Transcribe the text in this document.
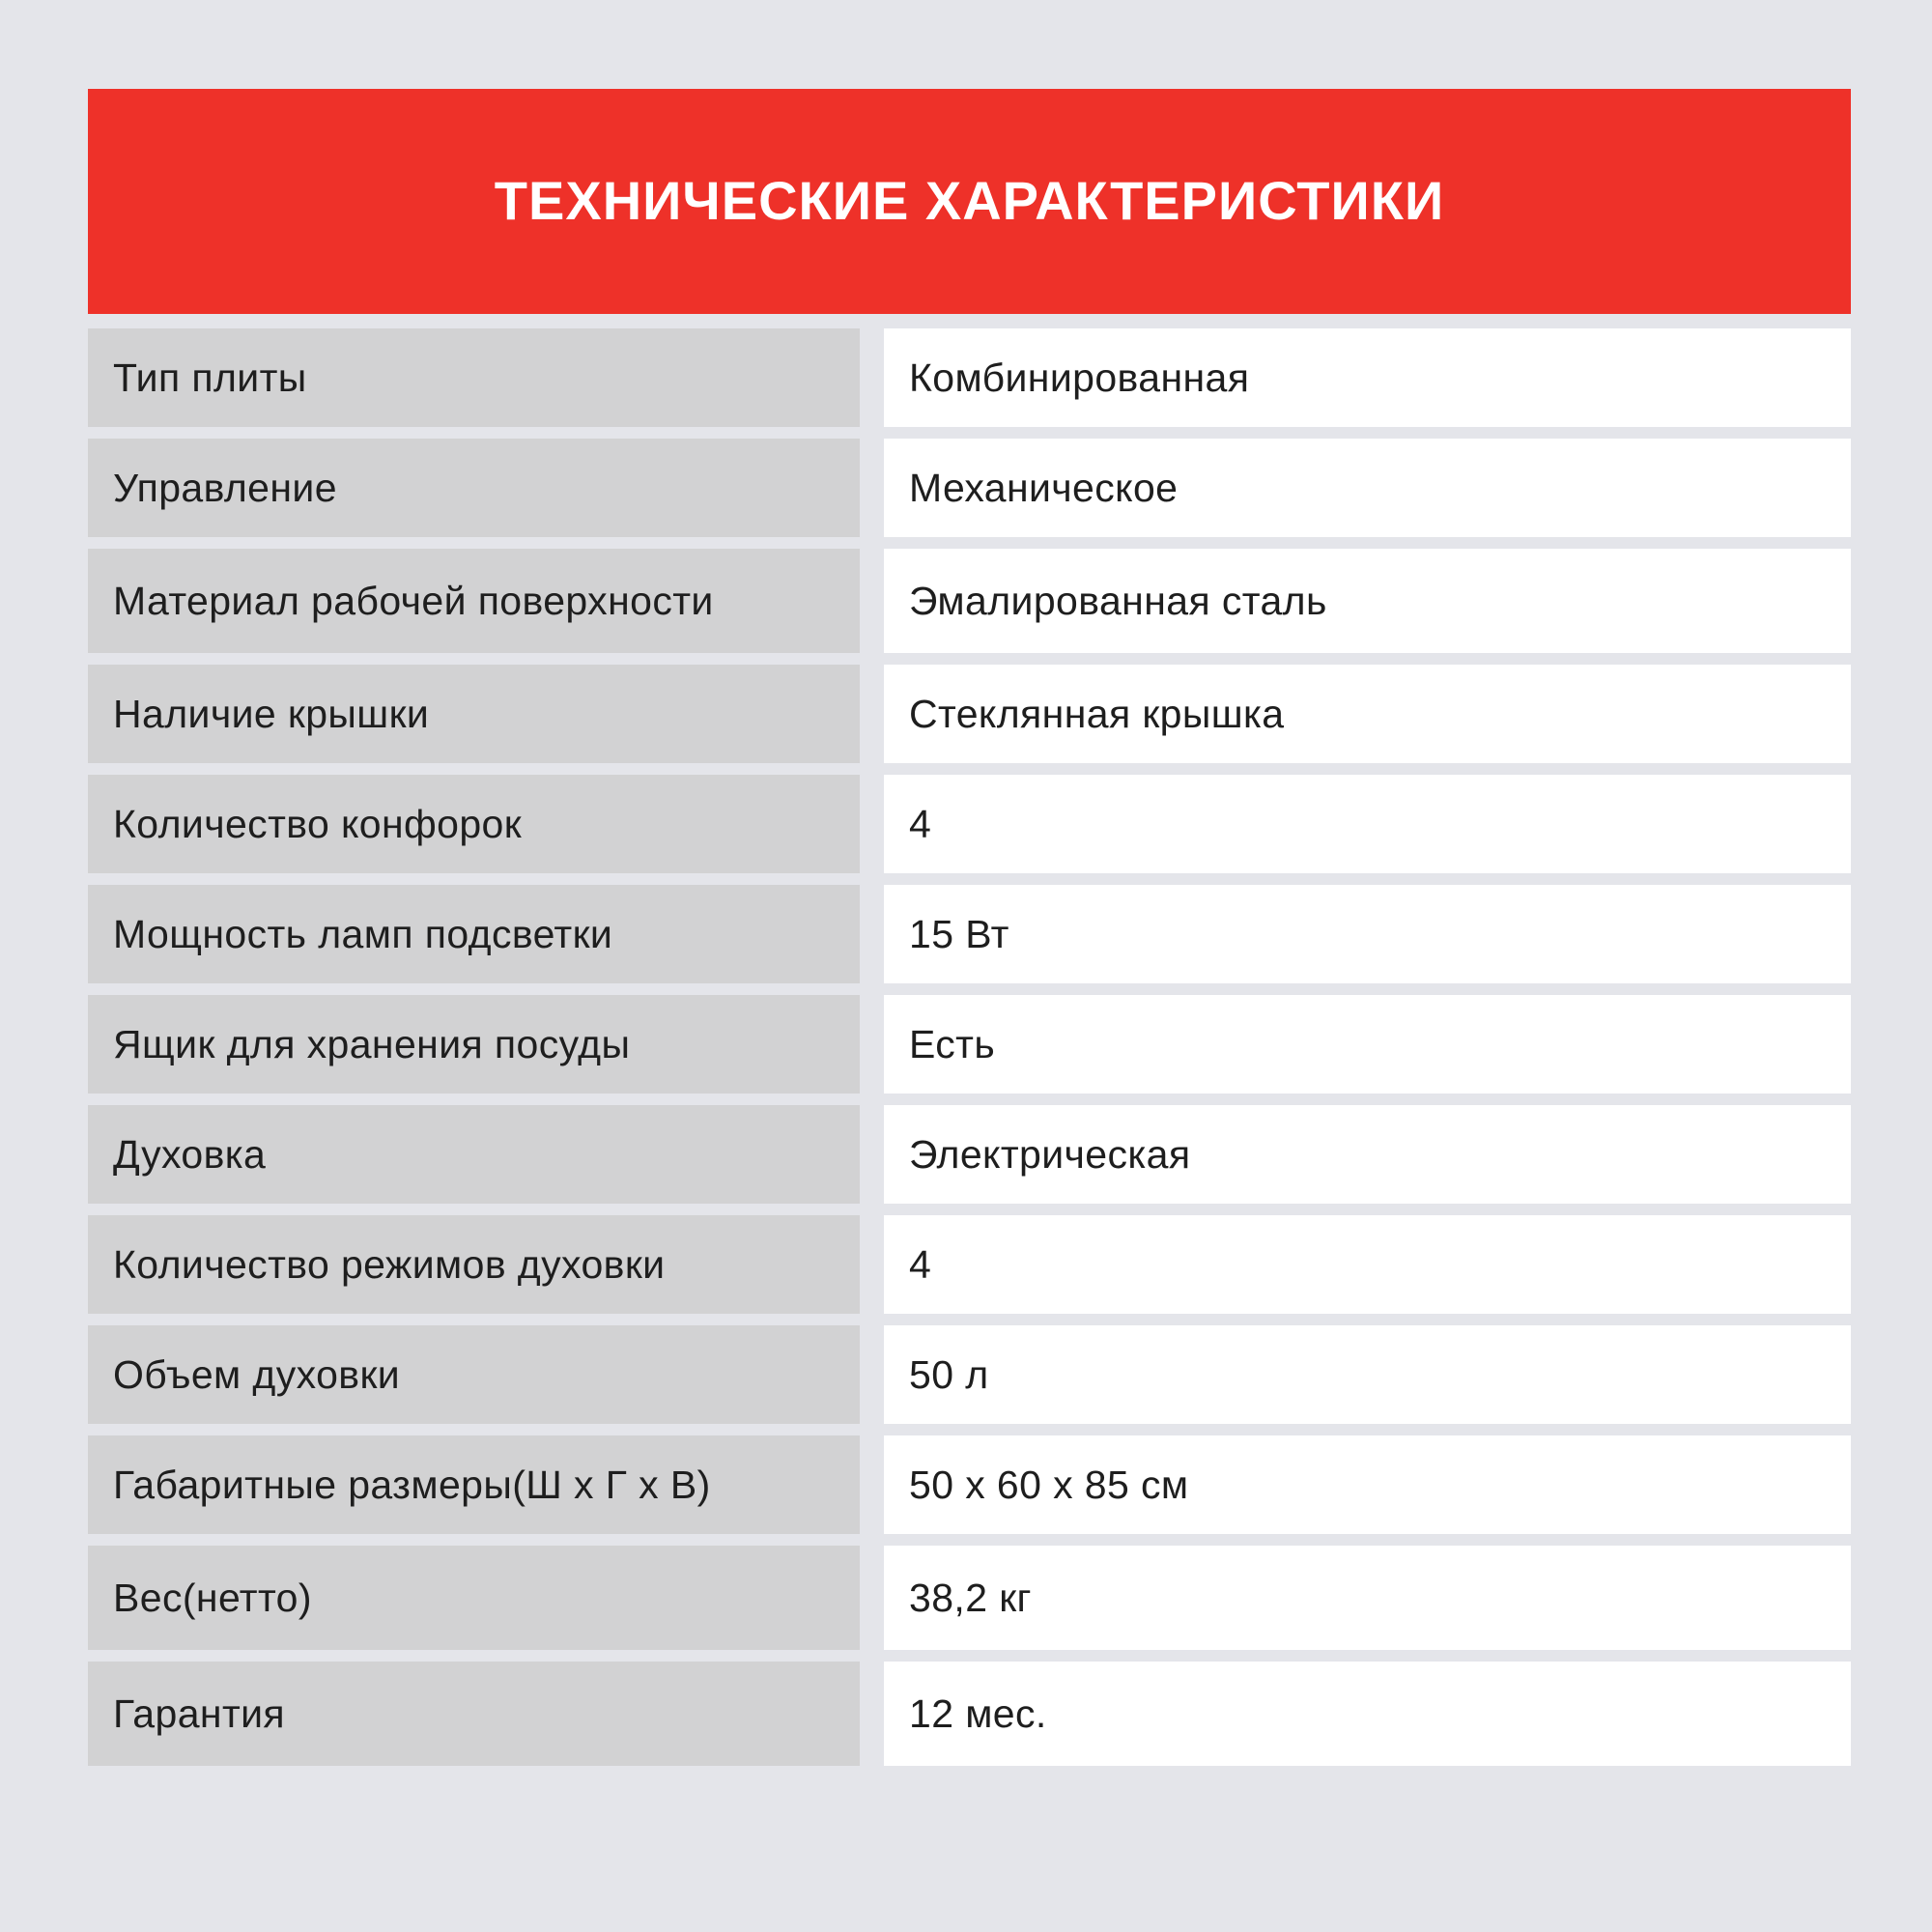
ТЕХНИЧЕСКИЕ ХАРАКТЕРИСТИКИ
Тип плиты	Комбинированная
Управление	Механическое
Материал рабочей поверхности	Эмалированная сталь
Наличие крышки	Стеклянная крышка
Количество конфорок	4
Мощность ламп подсветки	15 Вт
Ящик для хранения посуды	Есть
Духовка	Электрическая
Количество режимов духовки	4
Объем духовки	50 л
Габаритные размеры(Ш x Г x В)	50 x 60 x 85 см
Вес(нетто)	38,2 кг
Гарантия	12 мес.
